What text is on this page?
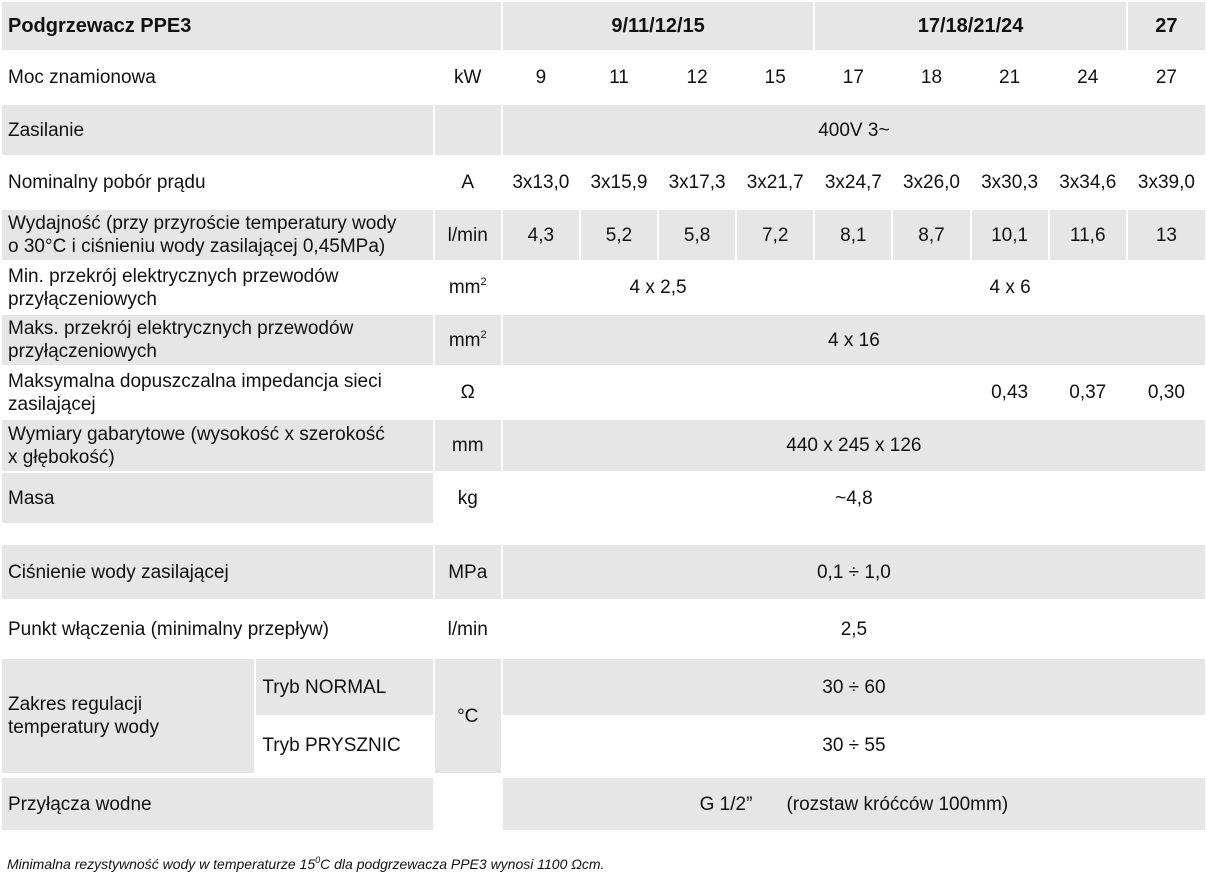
Podgrzewacz PPE3			9/11/12/15				17/18/21/24				27
Moc znamionowa		kW	9	11	12	15	17	18	21	24	27
Zasilanie			400V 3~								
Nominalny pobór prądu		A	3x13,0	3x15,9	3x17,3	3x21,7	3x24,7	3x26,0	3x30,3	3x34,6	3x39,0

Wydajność (przy przyroście temperatury wody
o 30°C i ciśnieniu wody zasilającej 0,45MPa)		l/min	4,3	5,2	5,8	7,2	8,1	8,7	10,1	11,6	13

Min. przekrój elektrycznych przewodów
przyłączeniowych		$mm^2$	4 x 2,5				4 x 6				

Maks. przekrój elektrycznych przewodów
przyłączeniowych		$mm^2$	4 x 16								

Maksymalna dopuszczalna impedancja sieci
zasilającej		Ω							0,43	0,37	0,30

Wymiary gabarytowe (wysokość x szerokość
x głębokość)		mm	440 x 245 x 126								
Masa		kg	~4,8								

Ciśnienie wody zasilającej		MPa	0,1 ÷ 1,0								
Punkt włączenia (minimalny przepływ)		l/min	2,5								

Zakres regulacji
temperatury wody	Tryb NORMAL	°C	30 ÷ 60								
	Tryb PRYSZNIC		30 ÷ 55								

Przyłącza wodne			G 1/2” (rozstaw króćców 100mm)								
Minimalna rezystywność wody w temperaturze $15^0C$ dla podgrzewacza PPE3 wynosi 1100 Ωcm.
